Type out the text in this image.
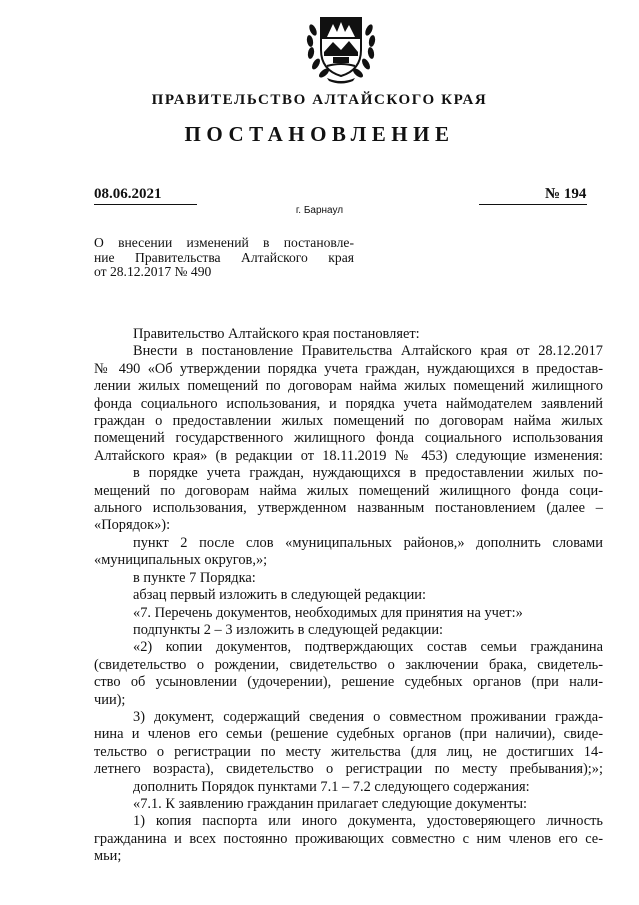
ПРАВИТЕЛЬСТВО АЛТАЙСКОГО КРАЯ
ПОСТАНОВЛЕНИЕ
08.06.2021	№ 194
г. Барнаул
О внесении изменений в постановле-
ние Правительства Алтайского края
от 28.12.2017 № 490
Правительство Алтайского края постановляет:
Внести в постановление Правительства Алтайского края от 28.12.2017
№ 490 «Об утверждении порядка учета граждан, нуждающихся в предостав-
лении жилых помещений по договорам найма жилых помещений жилищного
фонда социального использования, и порядка учета наймодателем заявлений
граждан о предоставлении жилых помещений по договорам найма жилых
помещений государственного жилищного фонда социального использования
Алтайского края» (в редакции от 18.11.2019 № 453) следующие изменения:
в порядке учета граждан, нуждающихся в предоставлении жилых по-
мещений по договорам найма жилых помещений жилищного фонда соци-
ального использования, утвержденном названным постановлением (далее –
«Порядок»):
пункт 2 после слов «муниципальных районов,» дополнить словами
«муниципальных округов,»;
в пункте 7 Порядка:
абзац первый изложить в следующей редакции:
«7. Перечень документов, необходимых для принятия на учет:»
подпункты 2 – 3 изложить в следующей редакции:
«2) копии документов, подтверждающих состав семьи гражданина
(свидетельство о рождении, свидетельство о заключении брака, свидетель-
ство об усыновлении (удочерении), решение судебных органов (при нали-
чии);
3) документ, содержащий сведения о совместном проживании гражда-
нина и членов его семьи (решение судебных органов (при наличии), свиде-
тельство о регистрации по месту жительства (для лиц, не достигших 14-
летнего возраста), свидетельство о регистрации по месту пребывания);»;
дополнить Порядок пунктами 7.1 – 7.2 следующего содержания:
«7.1. К заявлению гражданин прилагает следующие документы:
1) копия паспорта или иного документа, удостоверяющего личность
гражданина и всех постоянно проживающих совместно с ним членов его се-
мьи;
